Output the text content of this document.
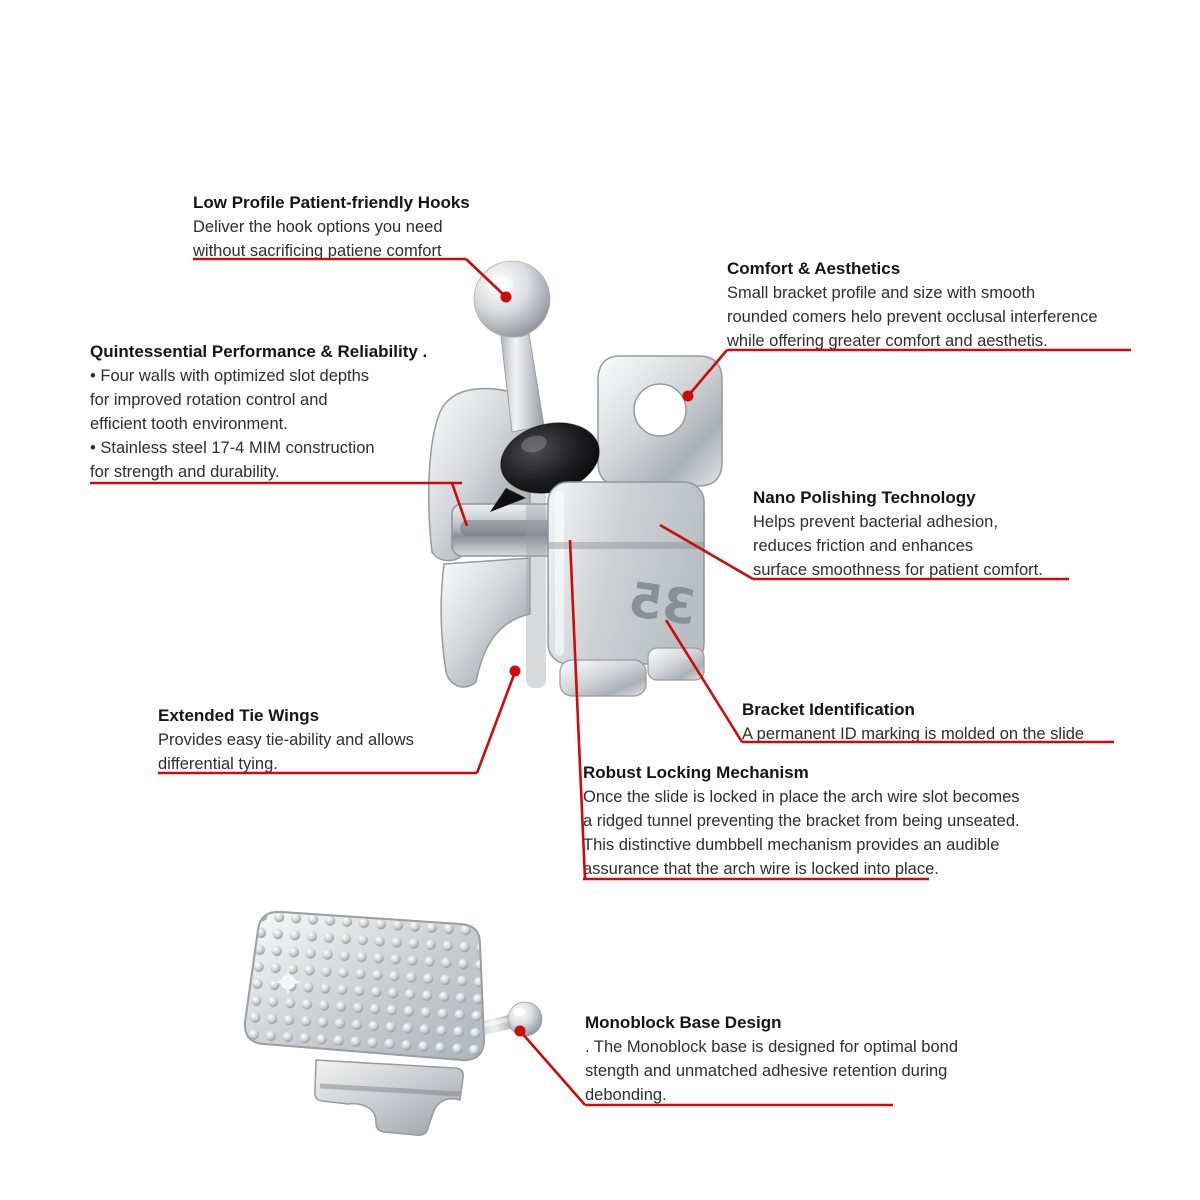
35
Low Profile Patient-friendly Hooks
Deliver the hook options you need
without sacrificing patiene comfort
Comfort & Aesthetics
Small bracket profile and size with smooth
rounded comers helo prevent occlusal interference
while offering greater comfort and aesthetis.
Quintessential Performance & Reliability .
• Four walls with optimized slot depths
for improved rotation control and
efficient tooth environment.
• Stainless steel 17-4 MIM construction
for strength and durability.
Nano Polishing Technology
Helps prevent bacterial adhesion,
reduces friction and enhances
surface smoothness for patient comfort.
Extended Tie Wings
Provides easy tie-ability and allows
differential tying.
Bracket Identification
A permanent ID marking is molded on the slide
Robust Locking Mechanism
Once the slide is locked in place the arch wire slot becomes
a ridged tunnel preventing the bracket from being unseated.
This distinctive dumbbell mechanism provides an audible
assurance that the arch wire is locked into place.
Monoblock Base Design
. The Monoblock base is designed for optimal bond
stength and unmatched adhesive retention during
debonding.
